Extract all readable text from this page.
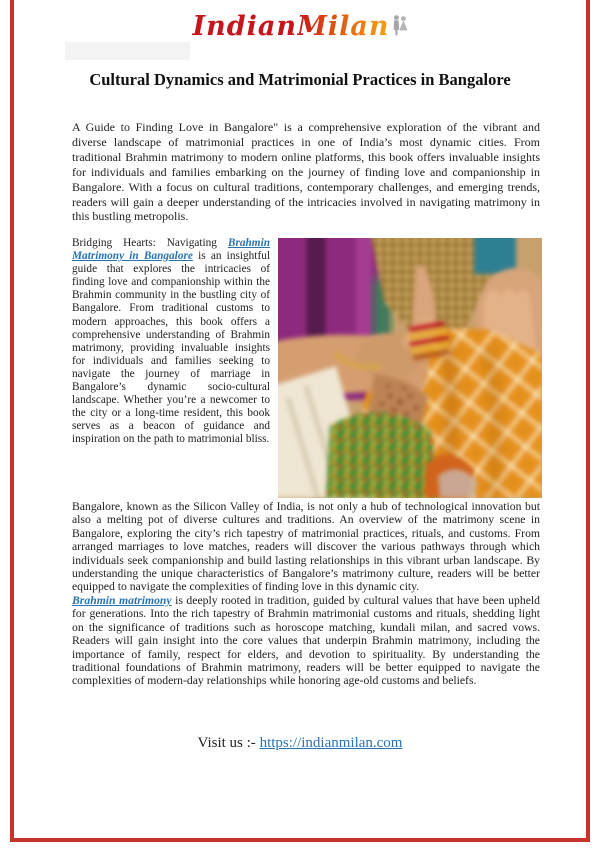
IndianMilan
Cultural Dynamics and Matrimonial Practices in Bangalore

A Guide to Finding Love in Bangalore" is a comprehensive exploration of the vibrant and diverse landscape of matrimonial practices in one of India’s most dynamic cities. From traditional Brahmin matrimony to modern online platforms, this book offers invaluable insights for individuals and families embarking on the journey of finding love and companionship in Bangalore. With a focus on cultural traditions, contemporary challenges, and emerging trends, readers will gain a deeper understanding of the intricacies involved in navigating matrimony in this bustling metropolis.

Bridging Hearts: Navigating Brahmin Matrimony in Bangalore is an insightful guide that explores the intricacies of finding love and companionship within the Brahmin community in the bustling city of Bangalore. From traditional customs to modern approaches, this book offers a comprehensive understanding of Brahmin matrimony, providing invaluable insights for individuals and families seeking to navigate the journey of marriage in Bangalore’s dynamic socio-cultural landscape. Whether you’re a newcomer to the city or a long-time resident, this book serves as a beacon of guidance and inspiration on the path to matrimonial bliss.

Bangalore, known as the Silicon Valley of India, is not only a hub of technological innovation but also a melting pot of diverse cultures and traditions. An overview of the matrimony scene in Bangalore, exploring the city’s rich tapestry of matrimonial practices, rituals, and customs. From arranged marriages to love matches, readers will discover the various pathways through which individuals seek companionship and build lasting relationships in this vibrant urban landscape. By understanding the unique characteristics of Bangalore’s matrimony culture, readers will be better equipped to navigate the complexities of finding love in this dynamic city.

Brahmin matrimony is deeply rooted in tradition, guided by cultural values that have been upheld for generations. Into the rich tapestry of Brahmin matrimonial customs and rituals, shedding light on the significance of traditions such as horoscope matching, kundali milan, and sacred vows. Readers will gain insight into the core values that underpin Brahmin matrimony, including the importance of family, respect for elders, and devotion to spirituality. By understanding the traditional foundations of Brahmin matrimony, readers will be better equipped to navigate the complexities of modern-day relationships while honoring age-old customs and beliefs.

Visit us :- https://indianmilan.com
